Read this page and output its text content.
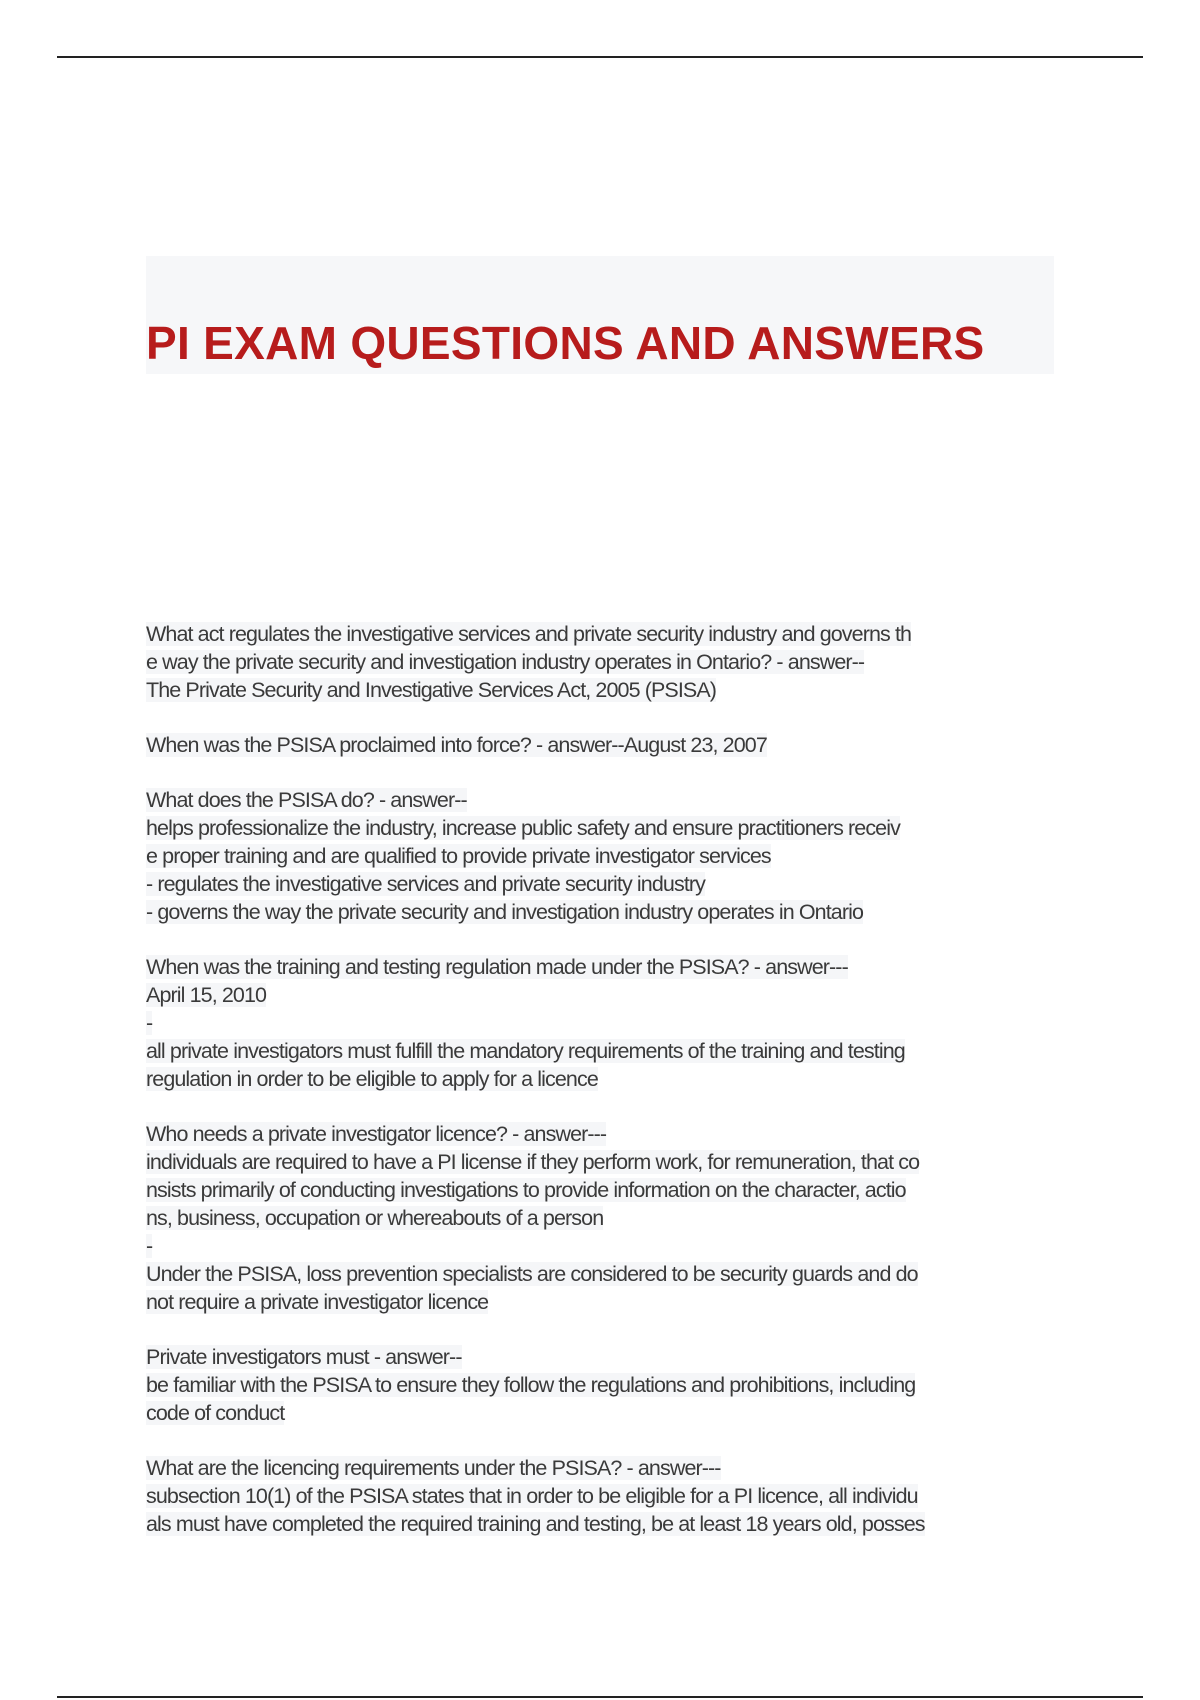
PI EXAM QUESTIONS AND ANSWERS
What act regulates the investigative services and private security industry and governs th
e way the private security and investigation industry operates in Ontario? - answer--
The Private Security and Investigative Services Act, 2005 (PSISA)
When was the PSISA proclaimed into force? - answer--August 23, 2007
What does the PSISA do? - answer--
helps professionalize the industry, increase public safety and ensure practitioners receiv
e proper training and are qualified to provide private investigator services
- regulates the investigative services and private security industry
- governs the way the private security and investigation industry operates in Ontario
When was the training and testing regulation made under the PSISA? - answer---
April 15, 2010
-
all private investigators must fulfill the mandatory requirements of the training and testing
regulation in order to be eligible to apply for a licence
Who needs a private investigator licence? - answer---
individuals are required to have a PI license if they perform work, for remuneration, that co
nsists primarily of conducting investigations to provide information on the character, actio
ns, business, occupation or whereabouts of a person
-
Under the PSISA, loss prevention specialists are considered to be security guards and do
not require a private investigator licence
Private investigators must - answer--
be familiar with the PSISA to ensure they follow the regulations and prohibitions, including
code of conduct
What are the licencing requirements under the PSISA? - answer---
subsection 10(1) of the PSISA states that in order to be eligible for a PI licence, all individu
als must have completed the required training and testing, be at least 18 years old, posses
